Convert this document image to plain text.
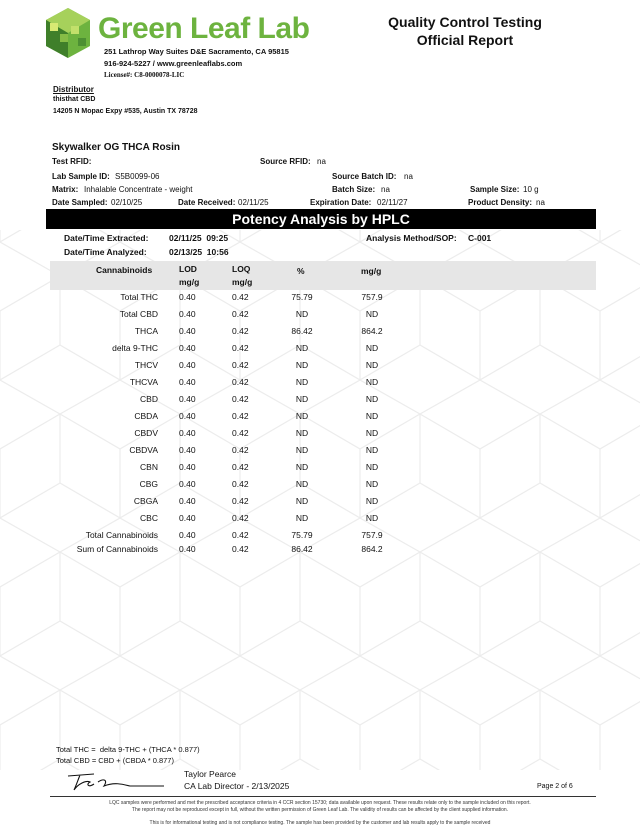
Green Leaf Lab
251 Lathrop Way Suites D&E Sacramento, CA 95815
916-924-5227 / www.greenleaflabs.com
License#: C8-0000078-LIC
Quality Control Testing
Official Report
Distributor
thisthat CBD
14205 N Mopac Expy #535, Austin TX 78728
Skywalker OG THCA Rosin
Test RFID:	Source RFID: na
Lab Sample ID: S5B0099-06	Source Batch ID: na
Matrix: Inhalable Concentrate - weight	Batch Size: na	Sample Size: 10 g
Date Sampled: 02/10/25	Date Received: 02/11/25	Expiration Date: 02/11/27	Product Density: na
Potency Analysis by HPLC
Date/Time Extracted: 02/11/25  09:25	Analysis Method/SOP: C-001
Date/Time Analyzed:	02/13/25  10:56
Cannabinoids	LOD
mg/g
LOQ
mg/g
%	mg/g
Total THC 0.40	0.42	75.79	757.9
Total CBD 0.40	0.42	ND	ND
THCA 0.40	0.42	86.42	864.2
delta 9-THC 0.40	0.42	ND	ND
THCV 0.40	0.42	ND	ND
THCVA 0.40	0.42	ND	ND
CBD 0.40	0.42	ND	ND
CBDA 0.40	0.42	ND	ND
CBDV 0.40	0.42	ND	ND
CBDVA 0.40	0.42	ND	ND
CBN 0.40	0.42	ND	ND
CBG 0.40	0.42	ND	ND
CBGA 0.40	0.42	ND	ND
CBC 0.40	0.42	ND	ND
Total Cannabinoids 0.40	0.42	75.79	757.9
Sum of Cannabinoids 0.40	0.42	86.42	864.2
Total THC =  delta 9-THC + (THCA * 0.877)
Total CBD = CBD + (CBDA * 0.877)
Taylor Pearce
CA Lab Director - 2/13/2025	Page 2 of 6
LQC samples were performed and met the prescribed acceptance criteria in 4 CCR section 15730; data available upon request. These results relate only to the sample included on this report.
The report may not be reproduced except in full, without the written permission of Green Leaf Lab. The validity of results can be affected by the client supplied information.
This is for informational testing and is not compliance testing. The sample has been provided by the customer and lab results apply to the sample received
